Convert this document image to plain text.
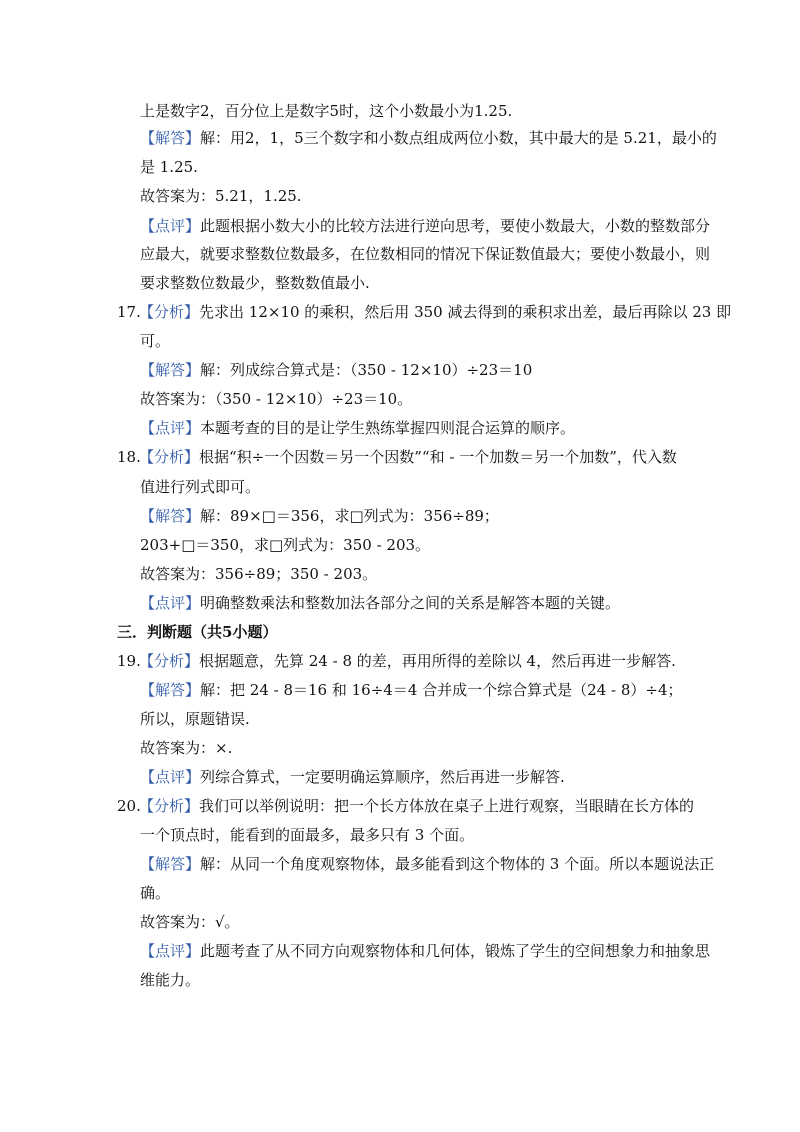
上是数字2，百分位上是数字5时，这个小数最小为1.25.
【解答】解：用2，1，5三个数字和小数点组成两位小数，其中最大的是 5.21，最小的
是 1.25.
故答案为：5.21，1.25.
【点评】此题根据小数大小的比较方法进行逆向思考，要使小数最大，小数的整数部分
应最大，就要求整数位数最多，在位数相同的情况下保证数值最大；要使小数最小，则
要求整数位数最少，整数数值最小.
17.【分析】先求出 12×10 的乘积，然后用 350 减去得到的乘积求出差，最后再除以 23 即
可。
【解答】解：列成综合算式是：（350 - 12×10）÷23＝10
故答案为：（350 - 12×10）÷23＝10。
【点评】本题考查的目的是让学生熟练掌握四则混合运算的顺序。
18.【分析】根据“积÷一个因数＝另一个因数”“和 - 一个加数＝另一个加数”，代入数
值进行列式即可。
【解答】解：89×□＝356，求□列式为：356÷89；
203+□＝350，求□列式为：350 - 203。
故答案为：356÷89；350 - 203。
【点评】明确整数乘法和整数加法各部分之间的关系是解答本题的关键。
三．判断题（共5小题）
19.【分析】根据题意，先算 24 - 8 的差，再用所得的差除以 4，然后再进一步解答.
【解答】解：把 24 - 8＝16 和 16÷4＝4 合并成一个综合算式是（24 - 8）÷4；
所以，原题错误.
故答案为：×.
【点评】列综合算式，一定要明确运算顺序，然后再进一步解答.
20.【分析】我们可以举例说明：把一个长方体放在桌子上进行观察，当眼睛在长方体的
一个顶点时，能看到的面最多，最多只有 3 个面。
【解答】解：从同一个角度观察物体，最多能看到这个物体的 3 个面。所以本题说法正
确。
故答案为：√。
【点评】此题考查了从不同方向观察物体和几何体，锻炼了学生的空间想象力和抽象思
维能力。
